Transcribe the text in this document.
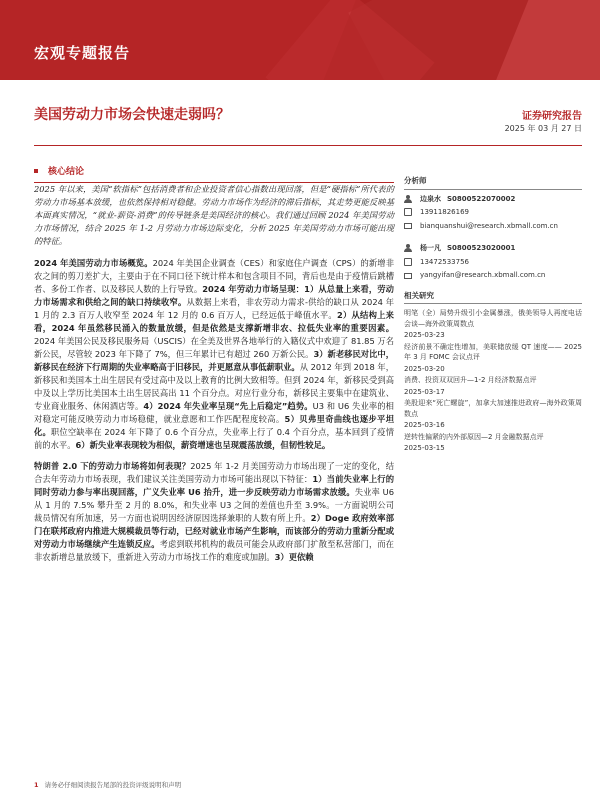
宏观专题报告
美国劳动力市场会快速走弱吗？	证券研究报告
2025 年 03 月 27 日
核心结论

2025 年以来，美国“软指标”包括消费者和企业投资者信心指数出现回落，但是“硬指标”所代表的劳动力市场基本放缓，也依然保持相对稳健。劳动力市场作为经济的滞后指标，其走势更能反映基本面真实情况，“就业-薪资-消费”的传导链条是美国经济的核心。我们通过回顾 2024 年美国劳动力市场情况，结合 2025 年 1-2 月劳动力市场边际变化，分析 2025 年美国劳动力市场可能出现的特征。

2024 年美国劳动力市场概览。2024 年美国企业调查（CES）和家庭住户调查（CPS）的新增非农之间的剪刀差扩大，主要由于在不同口径下统计样本和包含项目不同，背后也是由于疫情后跳槽者、多份工作者、以及移民人数的上行导致。2024 年劳动力市场呈现：1）从总量上来看，劳动力市场需求和供给之间的缺口持续收窄。从数据上来看，非农劳动力需求-供给的缺口从 2024 年 1 月的 2.3 百万人收窄至 2024 年 12 月的 0.6 百万人，已经远低于峰值水平。2）从结构上来看，2024 年虽然移民涌入的数量放缓，但是依然是支撑新增非农、拉低失业率的重要因素。2024 年美国公民及移民服务局（USCIS）在全美及世界各地举行的入籍仪式中欢迎了 81.85 万名新公民，尽管较 2023 年下降了 7%，但三年累计已有超过 260 万新公民。3）新老移民对比中，新移民在经济下行周期的失业率略高于旧移民，并更愿意从事低薪职业。从 2012 年到 2018 年，新移民和美国本土出生居民有受过高中及以上教育的比例大致相等。但到 2024 年，新移民受到高中及以上学历比美国本土出生居民高出 11 个百分点。对应行业分布，新移民主要集中在建筑业、专业商业服务、休闲酒店等。4）2024 年失业率呈现“先上后稳定”趋势。U3 和 U6 失业率的相对稳定可能反映劳动力市场稳健，就业意愿和工作匹配程度较高。5）贝弗里奇曲线也逐步平坦化。职位空缺率在 2024 年下降了 0.6 个百分点，失业率上行了 0.4 个百分点，基本回到了疫情前的水平。6）新失业率表现较为相似，薪资增速也呈现震荡放缓，但韧性较足。

特朗普 2.0 下的劳动力市场将如何表现？2025 年 1-2 月美国劳动力市场出现了一定的变化，结合去年劳动力市场表现，我们建议关注美国劳动力市场可能出现以下特征：1）当前失业率上行的同时劳动力参与率出现回落，广义失业率 U6 抬升，进一步反映劳动力市场需求放缓。失业率 U6 从 1 月的 7.5% 攀升至 2 月的 8.0%，和失业率 U3 之间的差值也升至 3.9%。一方面说明公司裁员情况有所加速，另一方面也说明因经济原因选择兼职的人数有所上升。2）Doge 政府效率部门在联邦政府内推进大规模裁员等行动，已经对就业市场产生影响，而该部分的劳动力重新分配或对劳动力市场继续产生连锁反应。考虑到联邦机构的裁员可能会从政府部门扩散至私营部门，而在非农新增总量放缓下，重新进入劳动力市场找工作的难度或加剧。3）更依赖

分析师
边泉水 S0800522070002
13911826169
bianquanshui@research.xbmall.com.cn
杨一凡 S0800523020001
13472533756
yangyifan@research.xbmall.com.cn
相关研究
明笔（全）局势升级引小金属暴涨，俄美领导人再度电话会谈—海外政策周数点
2025-03-23
经济前景不确定性增加，美联储放缓 QT 速度—— 2025 年 3 月 FOMC 会议点评
2025-03-20
消费、投资双双回升—1-2 月经济数据点评
2025-03-17
美股迎来“死亡螺旋”，加拿大加速推进政府—海外政策周数点
2025-03-16
逆转性偏紧的内外部原因—2 月金融数据点评
2025-03-15
1 请务必仔细阅读报告尾部的投资评级说明和声明
